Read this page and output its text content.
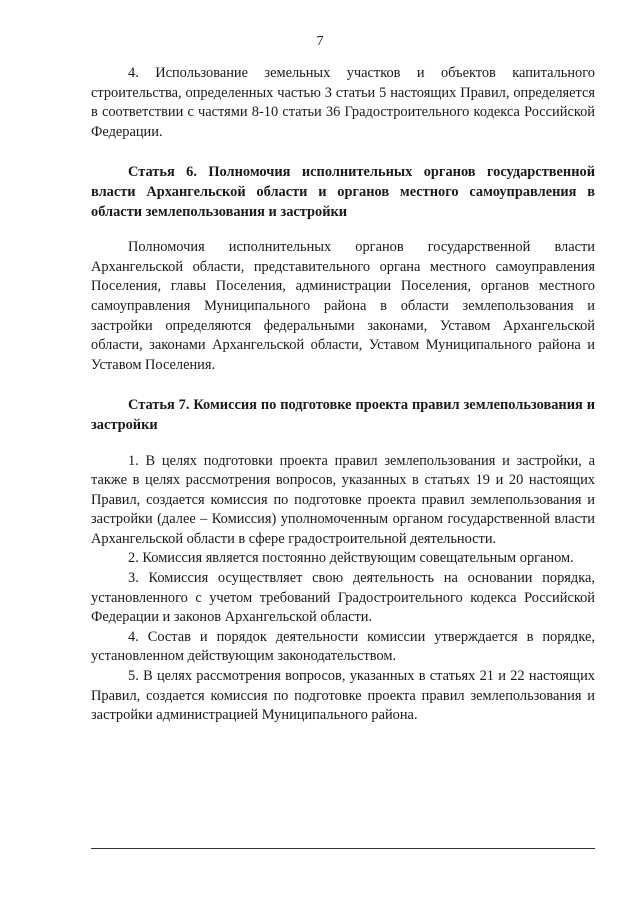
7

4. Использование земельных участков и объектов капитального строительства, определенных частью 3 статьи 5 настоящих Правил, определяется в соответствии с частями 8-10 статьи 36 Градостроительного кодекса Российской Федерации.

Статья 6. Полномочия исполнительных органов государственной власти Архангельской области и органов местного самоуправления в области землепользования и застройки

Полномочия исполнительных органов государственной власти Архангельской области, представительного органа местного самоуправления Поселения, главы Поселения, администрации Поселения, органов местного самоуправления Муниципального района в области землепользования и застройки определяются федеральными законами, Уставом Архангельской области, законами Архангельской области, Уставом Муниципального района и Уставом Поселения.

Статья 7. Комиссия по подготовке проекта правил землепользования и застройки

1. В целях подготовки проекта правил землепользования и застройки, а также в целях рассмотрения вопросов, указанных в статьях 19 и 20 настоящих Правил, создается комиссия по подготовке проекта правил землепользования и застройки (далее – Комиссия) уполномоченным органом государственной власти Архангельской области в сфере градостроительной деятельности.

2. Комиссия является постоянно действующим совещательным органом.

3. Комиссия осуществляет свою деятельность на основании порядка, установленного с учетом требований Градостроительного кодекса Российской Федерации и законов Архангельской области.

4. Состав и порядок деятельности комиссии утверждается в порядке, установленном действующим законодательством.

5. В целях рассмотрения вопросов, указанных в статьях 21 и 22 настоящих Правил, создается комиссия по подготовке проекта правил землепользования и застройки администрацией Муниципального района.
